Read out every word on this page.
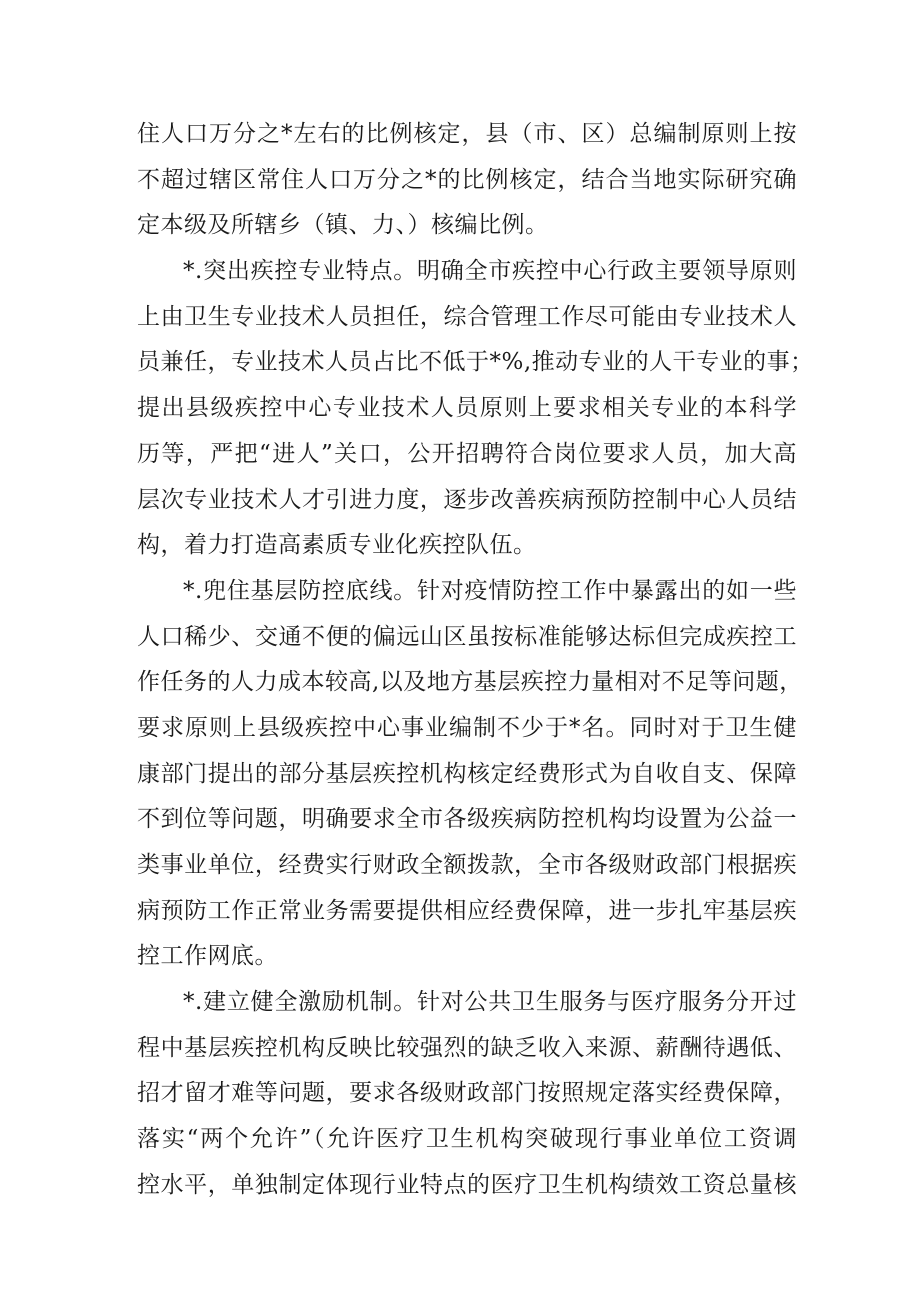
住人口万分之*左右的比例核定，县（市、区）总编制原则上按
不超过辖区常住人口万分之*的比例核定，结合当地实际研究确
定本级及所辖乡（镇、力、）核编比例。
*.突出疾控专业特点。明确全市疾控中心行政主要领导原则
上由卫生专业技术人员担任，综合管理工作尽可能由专业技术人
员兼任，专业技术人员占比不低于*%,推动专业的人干专业的事；
提出县级疾控中心专业技术人员原则上要求相关专业的本科学
历等，严把“进人”关口，公开招聘符合岗位要求人员，加大高
层次专业技术人才引进力度，逐步改善疾病预防控制中心人员结
构，着力打造高素质专业化疾控队伍。
*.兜住基层防控底线。针对疫情防控工作中暴露出的如一些
人口稀少、交通不便的偏远山区虽按标准能够达标但完成疾控工
作任务的人力成本较高,以及地方基层疾控力量相对不足等问题，
要求原则上县级疾控中心事业编制不少于*名。同时对于卫生健
康部门提出的部分基层疾控机构核定经费形式为自收自支、保障
不到位等问题，明确要求全市各级疾病防控机构均设置为公益一
类事业单位，经费实行财政全额拨款，全市各级财政部门根据疾
病预防工作正常业务需要提供相应经费保障，进一步扎牢基层疾
控工作网底。
*.建立健全激励机制。针对公共卫生服务与医疗服务分开过
程中基层疾控机构反映比较强烈的缺乏收入来源、薪酬待遇低、
招才留才难等问题，要求各级财政部门按照规定落实经费保障，
落实“两个允许”（允许医疗卫生机构突破现行事业单位工资调
控水平，单独制定体现行业特点的医疗卫生机构绩效工资总量核
